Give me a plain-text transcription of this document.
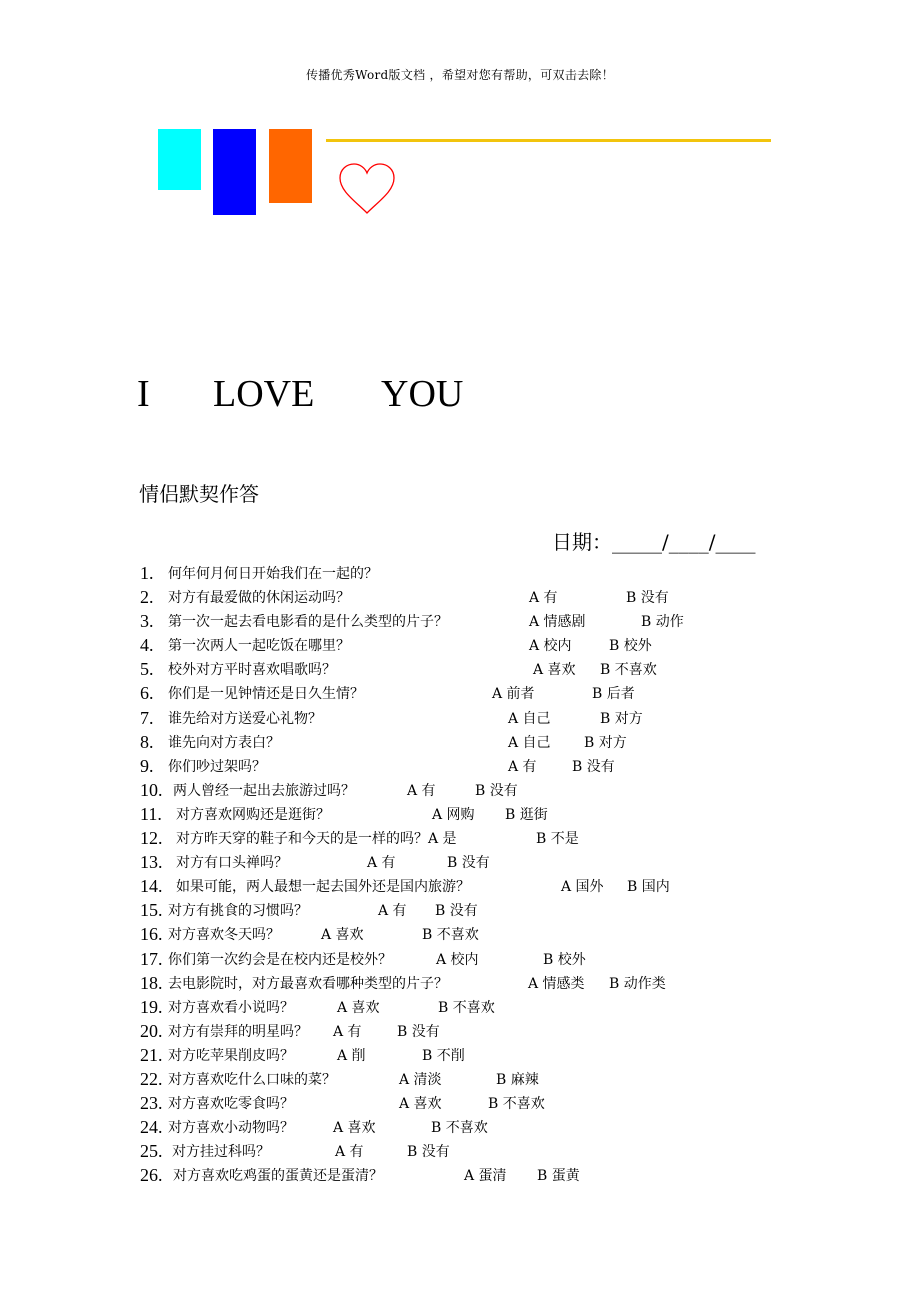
传播优秀Word版文档 ，希望对您有帮助，可双击去除！

I

LOVE

YOU

情侣默契作答
日期：_____/____/____
1. 何年何月何日开始我们在一起的？
2. 对方有最爱做的休闲运动吗？	A 有	B 没有
3. 第一次一起去看电影看的是什么类型的片子？	A 情感剧	B 动作
4. 第一次两人一起吃饭在哪里？	A 校内	B 校外
5. 校外对方平时喜欢唱歌吗？	A 喜欢 B 不喜欢
6. 你们是一见钟情还是日久生情？	A 前者	B 后者
7. 谁先给对方送爱心礼物？	A 自己	B 对方
8. 谁先向对方表白？	A 自己 B 对方
9. 你们吵过架吗？	A 有	B 没有
10. 两人曾经一起出去旅游过吗？	A 有	B 没有
11. 对方喜欢网购还是逛街？	A 网购 B 逛街
12. 对方昨天穿的鞋子和今天的是一样的吗？A 是	B 不是
13. 对方有口头禅吗？	A 有	B 没有
14. 如果可能，两人最想一起去国外还是国内旅游？	A 国外 B 国内
15. 对方有挑食的习惯吗？	A 有 B 没有
16. 对方喜欢冬天吗？	A 喜欢	B 不喜欢
17. 你们第一次约会是在校内还是校外？	A 校内	B 校外
18. 去电影院时，对方最喜欢看哪种类型的片子？	A 情感类 B 动作类
19. 对方喜欢看小说吗？	A 喜欢	B 不喜欢
20. 对方有崇拜的明星吗？ A 有	B 没有
21. 对方吃苹果削皮吗？	A 削	B 不削
22. 对方喜欢吃什么口味的菜？	A 清淡	B 麻辣
23. 对方喜欢吃零食吗？	A 喜欢	B 不喜欢
24. 对方喜欢小动物吗？	A 喜欢	B 不喜欢
25. 对方挂过科吗？	A 有	B 没有
26. 对方喜欢吃鸡蛋的蛋黄还是蛋清？	A 蛋清 B 蛋黄
